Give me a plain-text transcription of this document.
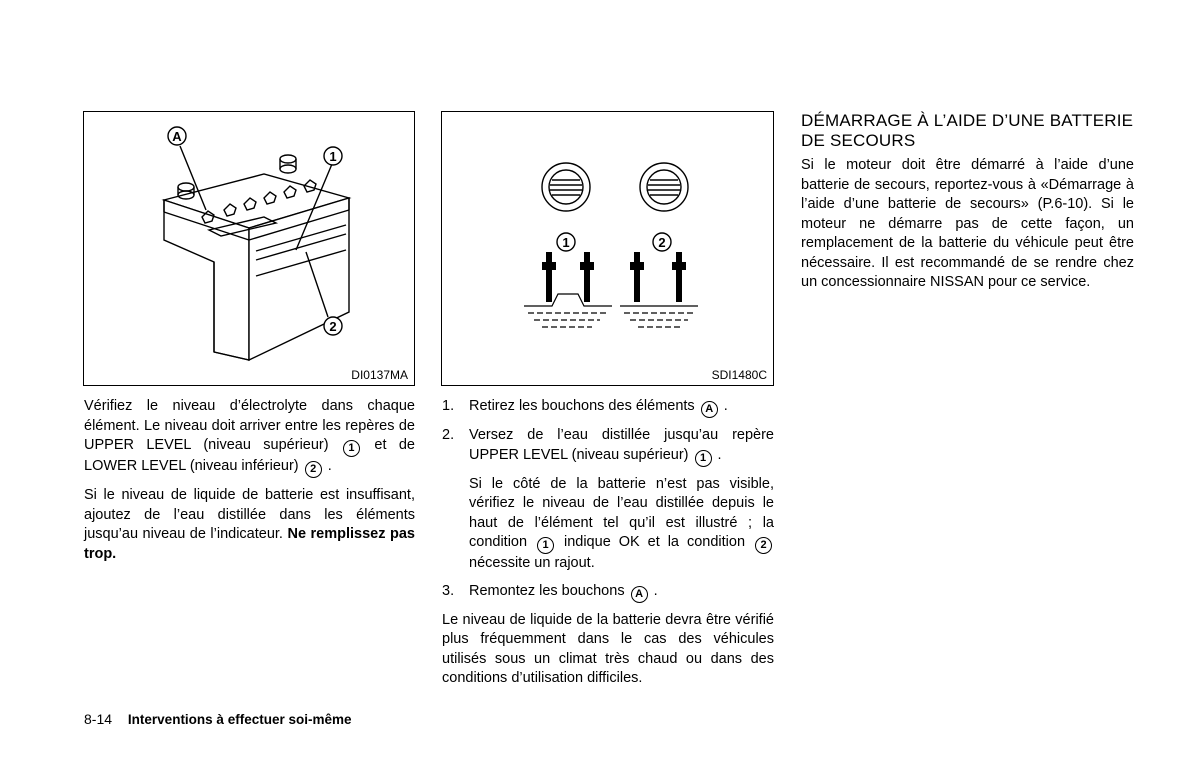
A
1
2
DI0137MA
1	2
SDI1480C

Vérifiez le niveau d’électrolyte dans chaque élément. Le niveau doit arriver entre les repères de UPPER LEVEL (niveau supérieur) 1 et de LOWER LEVEL (niveau inférieur) 2 .

Si le niveau de liquide de batterie est insuffisant, ajoutez de l’eau distillée dans les éléments jusqu’au niveau de l’indicateur. Ne remplissez pas trop.

1. Retirez les bouchons des éléments A .
2. Versez de l’eau distillée jusqu’au repère UPPER LEVEL (niveau supérieur) 1 .
Si le côté de la batterie n’est pas visible, vérifiez le niveau de l’eau distillée depuis le haut de l’élément tel qu’il est illustré ; la condition 1 indique OK et la condition 2 nécessite un rajout.
3. Remontez les bouchons A .

Le niveau de liquide de la batterie devra être vérifié plus fréquemment dans le cas des véhicules utilisés sous un climat très chaud ou dans des conditions d’utilisation difficiles.

DÉMARRAGE À L’AIDE D’UNE BATTERIE DE SECOURS

Si le moteur doit être démarré à l’aide d’une batterie de secours, reportez-vous à «Démarrage à l’aide d’une batterie de secours» (P.6-10). Si le moteur ne démarre pas de cette façon, un remplacement de la batterie du véhicule peut être nécessaire. Il est recommandé de se rendre chez un concessionnaire NISSAN pour ce service.

8-14 Interventions à effectuer soi-même
